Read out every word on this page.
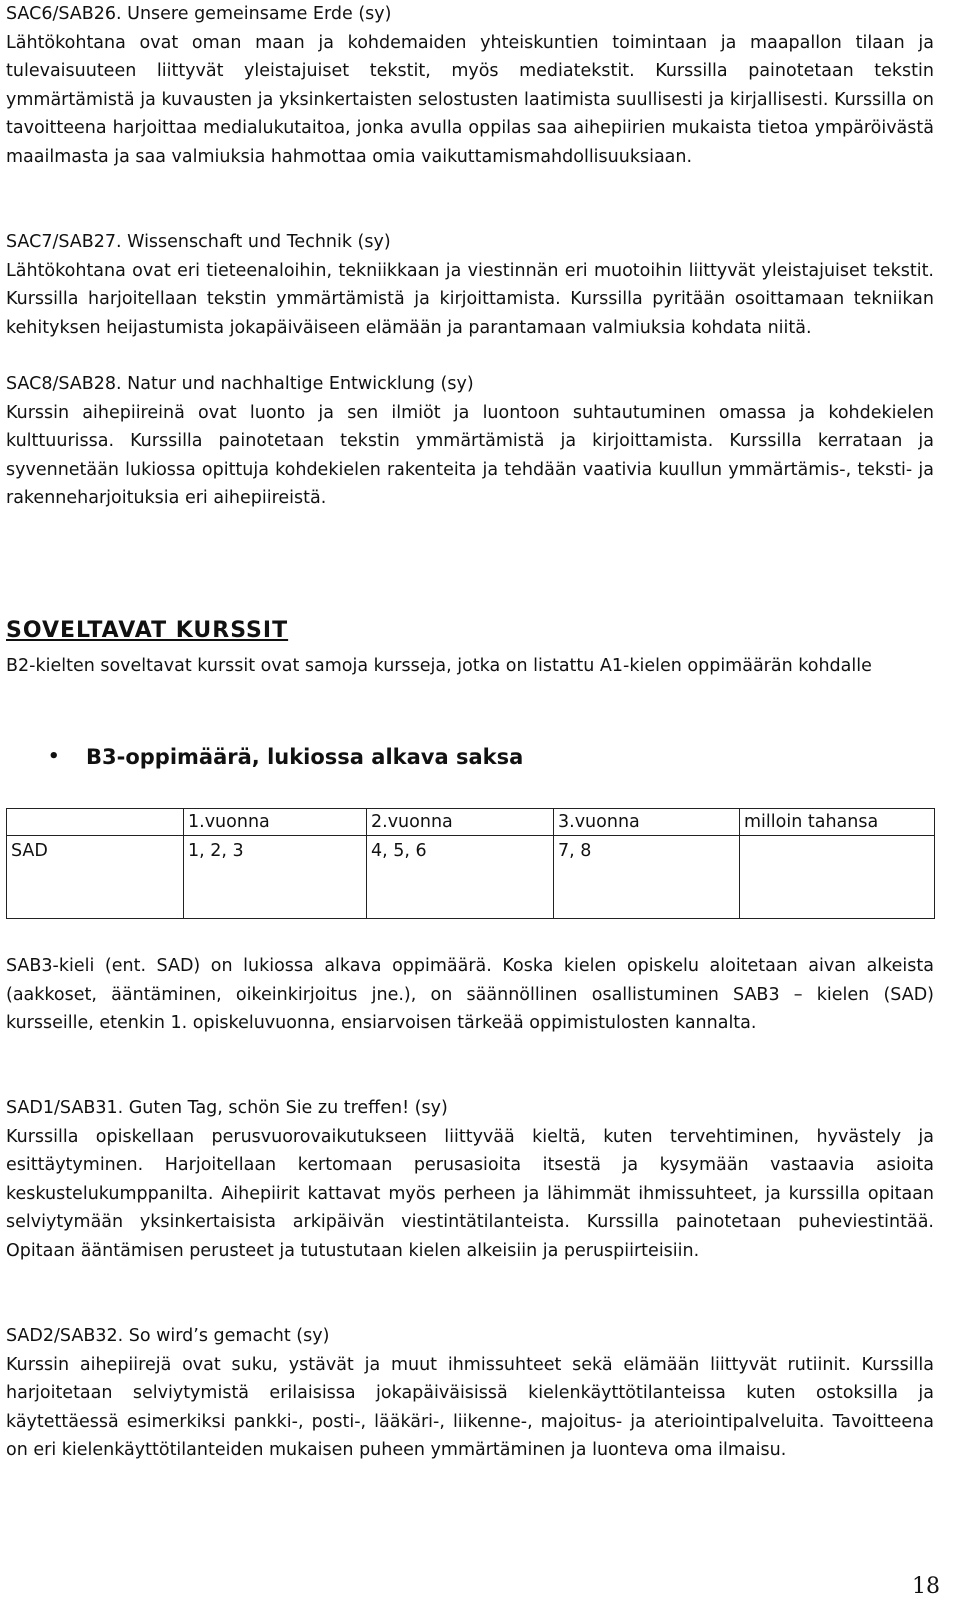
SAC6/SAB26. Unsere gemeinsame Erde (sy)

Lähtökohtana ovat oman maan ja kohdemaiden yhteiskuntien toimintaan ja maapallon tilaan ja tulevaisuuteen liittyvät yleistajuiset tekstit, myös mediatekstit. Kurssilla painotetaan tekstin ymmärtämistä ja kuvausten ja yksinkertaisten selostusten laatimista suullisesti ja kirjallisesti. Kurssilla on tavoitteena harjoittaa medialukutaitoa, jonka avulla oppilas saa aihepiirien mukaista tietoa ympäröivästä maailmasta ja saa valmiuksia hahmottaa omia vaikuttamismahdollisuuksiaan.

SAC7/SAB27. Wissenschaft und Technik (sy)

Lähtökohtana ovat eri tieteenaloihin, tekniikkaan ja viestinnän eri muotoihin liittyvät yleistajuiset tekstit. Kurssilla harjoitellaan tekstin ymmärtämistä ja kirjoittamista. Kurssilla pyritään osoittamaan tekniikan kehityksen heijastumista jokapäiväiseen elämään ja parantamaan valmiuksia kohdata niitä.

SAC8/SAB28. Natur und nachhaltige Entwicklung (sy)

Kurssin aihepiireinä ovat luonto ja sen ilmiöt ja luontoon suhtautuminen omassa ja kohdekielen kulttuurissa. Kurssilla painotetaan tekstin ymmärtämistä ja kirjoittamista. Kurssilla kerrataan ja syvennetään lukiossa opittuja kohdekielen rakenteita ja tehdään vaativia kuullun ymmärtämis-, teksti- ja rakenneharjoituksia eri aihepiireistä.

SOVELTAVAT KURSSIT

B2-kielten soveltavat kurssit ovat samoja kursseja, jotka on listattu A1-kielen oppimäärän kohdalle

• B3-oppimäärä, lukiossa alkava saksa
	1.vuonna	2.vuonna	3.vuonna	milloin tahansa
SAD	1, 2, 3	4, 5, 6	7, 8	

SAB3-kieli (ent. SAD) on lukiossa alkava oppimäärä. Koska kielen opiskelu aloitetaan aivan alkeista (aakkoset, ääntäminen, oikeinkirjoitus jne.), on säännöllinen osallistuminen SAB3 – kielen (SAD) kursseille, etenkin 1. opiskeluvuonna, ensiarvoisen tärkeää oppimistulosten kannalta.

SAD1/SAB31. Guten Tag, schön Sie zu treffen! (sy)

Kurssilla opiskellaan perusvuorovaikutukseen liittyvää kieltä, kuten tervehtiminen, hyvästely ja esittäytyminen. Harjoitellaan kertomaan perusasioita itsestä ja kysymään vastaavia asioita keskustelukumppanilta. Aihepiirit kattavat myös perheen ja lähimmät ihmissuhteet, ja kurssilla opitaan selviytymään yksinkertaisista arkipäivän viestintätilanteista. Kurssilla painotetaan puheviestintää. Opitaan ääntämisen perusteet ja tutustutaan kielen alkeisiin ja peruspiirteisiin.

SAD2/SAB32. So wird’s gemacht (sy)

Kurssin aihepiirejä ovat suku, ystävät ja muut ihmissuhteet sekä elämään liittyvät rutiinit. Kurssilla harjoitetaan selviytymistä erilaisissa jokapäiväisissä kielenkäyttötilanteissa kuten ostoksilla ja käytettäessä esimerkiksi pankki-, posti-, lääkäri-, liikenne-, majoitus- ja ateriointipalveluita. Tavoitteena on eri kielenkäyttötilanteiden mukaisen puheen ymmärtäminen ja luonteva oma ilmaisu.

18
